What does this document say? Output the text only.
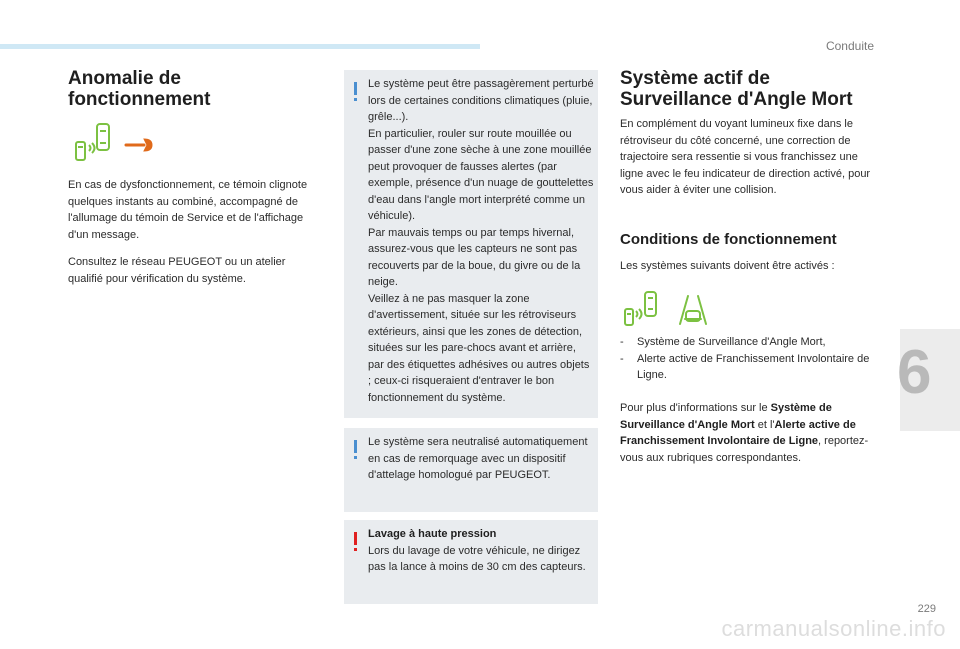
Conduite
6
Anomalie de
fonctionnement

En cas de dysfonctionnement, ce témoin clignote quelques instants au combiné, accompagné de l'allumage du témoin de Service et de l'affichage d'un message.

Consultez le réseau PEUGEOT ou un atelier qualifié pour vérification du système.

Le système peut être passagèrement perturbé lors de certaines conditions climatiques (pluie, grêle...).
En particulier, rouler sur route mouillée ou passer d'une zone sèche à une zone mouillée peut provoquer de fausses alertes (par exemple, présence d'un nuage de gouttelettes d'eau dans l'angle mort interprété comme un véhicule).
Par mauvais temps ou par temps hivernal, assurez-vous que les capteurs ne sont pas recouverts par de la boue, du givre ou de la neige.
Veillez à ne pas masquer la zone d'avertissement, située sur les rétroviseurs extérieurs, ainsi que les zones de détection, situées sur les pare-chocs avant et arrière, par des étiquettes adhésives ou autres objets ; ceux-ci risqueraient d'entraver le bon fonctionnement du système.

Le système sera neutralisé automatiquement en cas de remorquage avec un dispositif d'attelage homologué par PEUGEOT.

Lavage à haute pression
Lors du lavage de votre véhicule, ne dirigez pas la lance à moins de 30 cm des capteurs.

Système actif de
Surveillance d'Angle Mort

En complément du voyant lumineux fixe dans le rétroviseur du côté concerné, une correction de trajectoire sera ressentie si vous franchissez une ligne avec le feu indicateur de direction activé, pour vous aider à éviter une collision.

Conditions de fonctionnement

Les systèmes suivants doivent être activés :

- Système de Surveillance d'Angle Mort,
- Alerte active de Franchissement Involontaire de Ligne.

Pour plus d'informations sur le Système de Surveillance d'Angle Mort et l'Alerte active de Franchissement Involontaire de Ligne, reportez-vous aux rubriques correspondantes.

229
carmanualsonline.info
